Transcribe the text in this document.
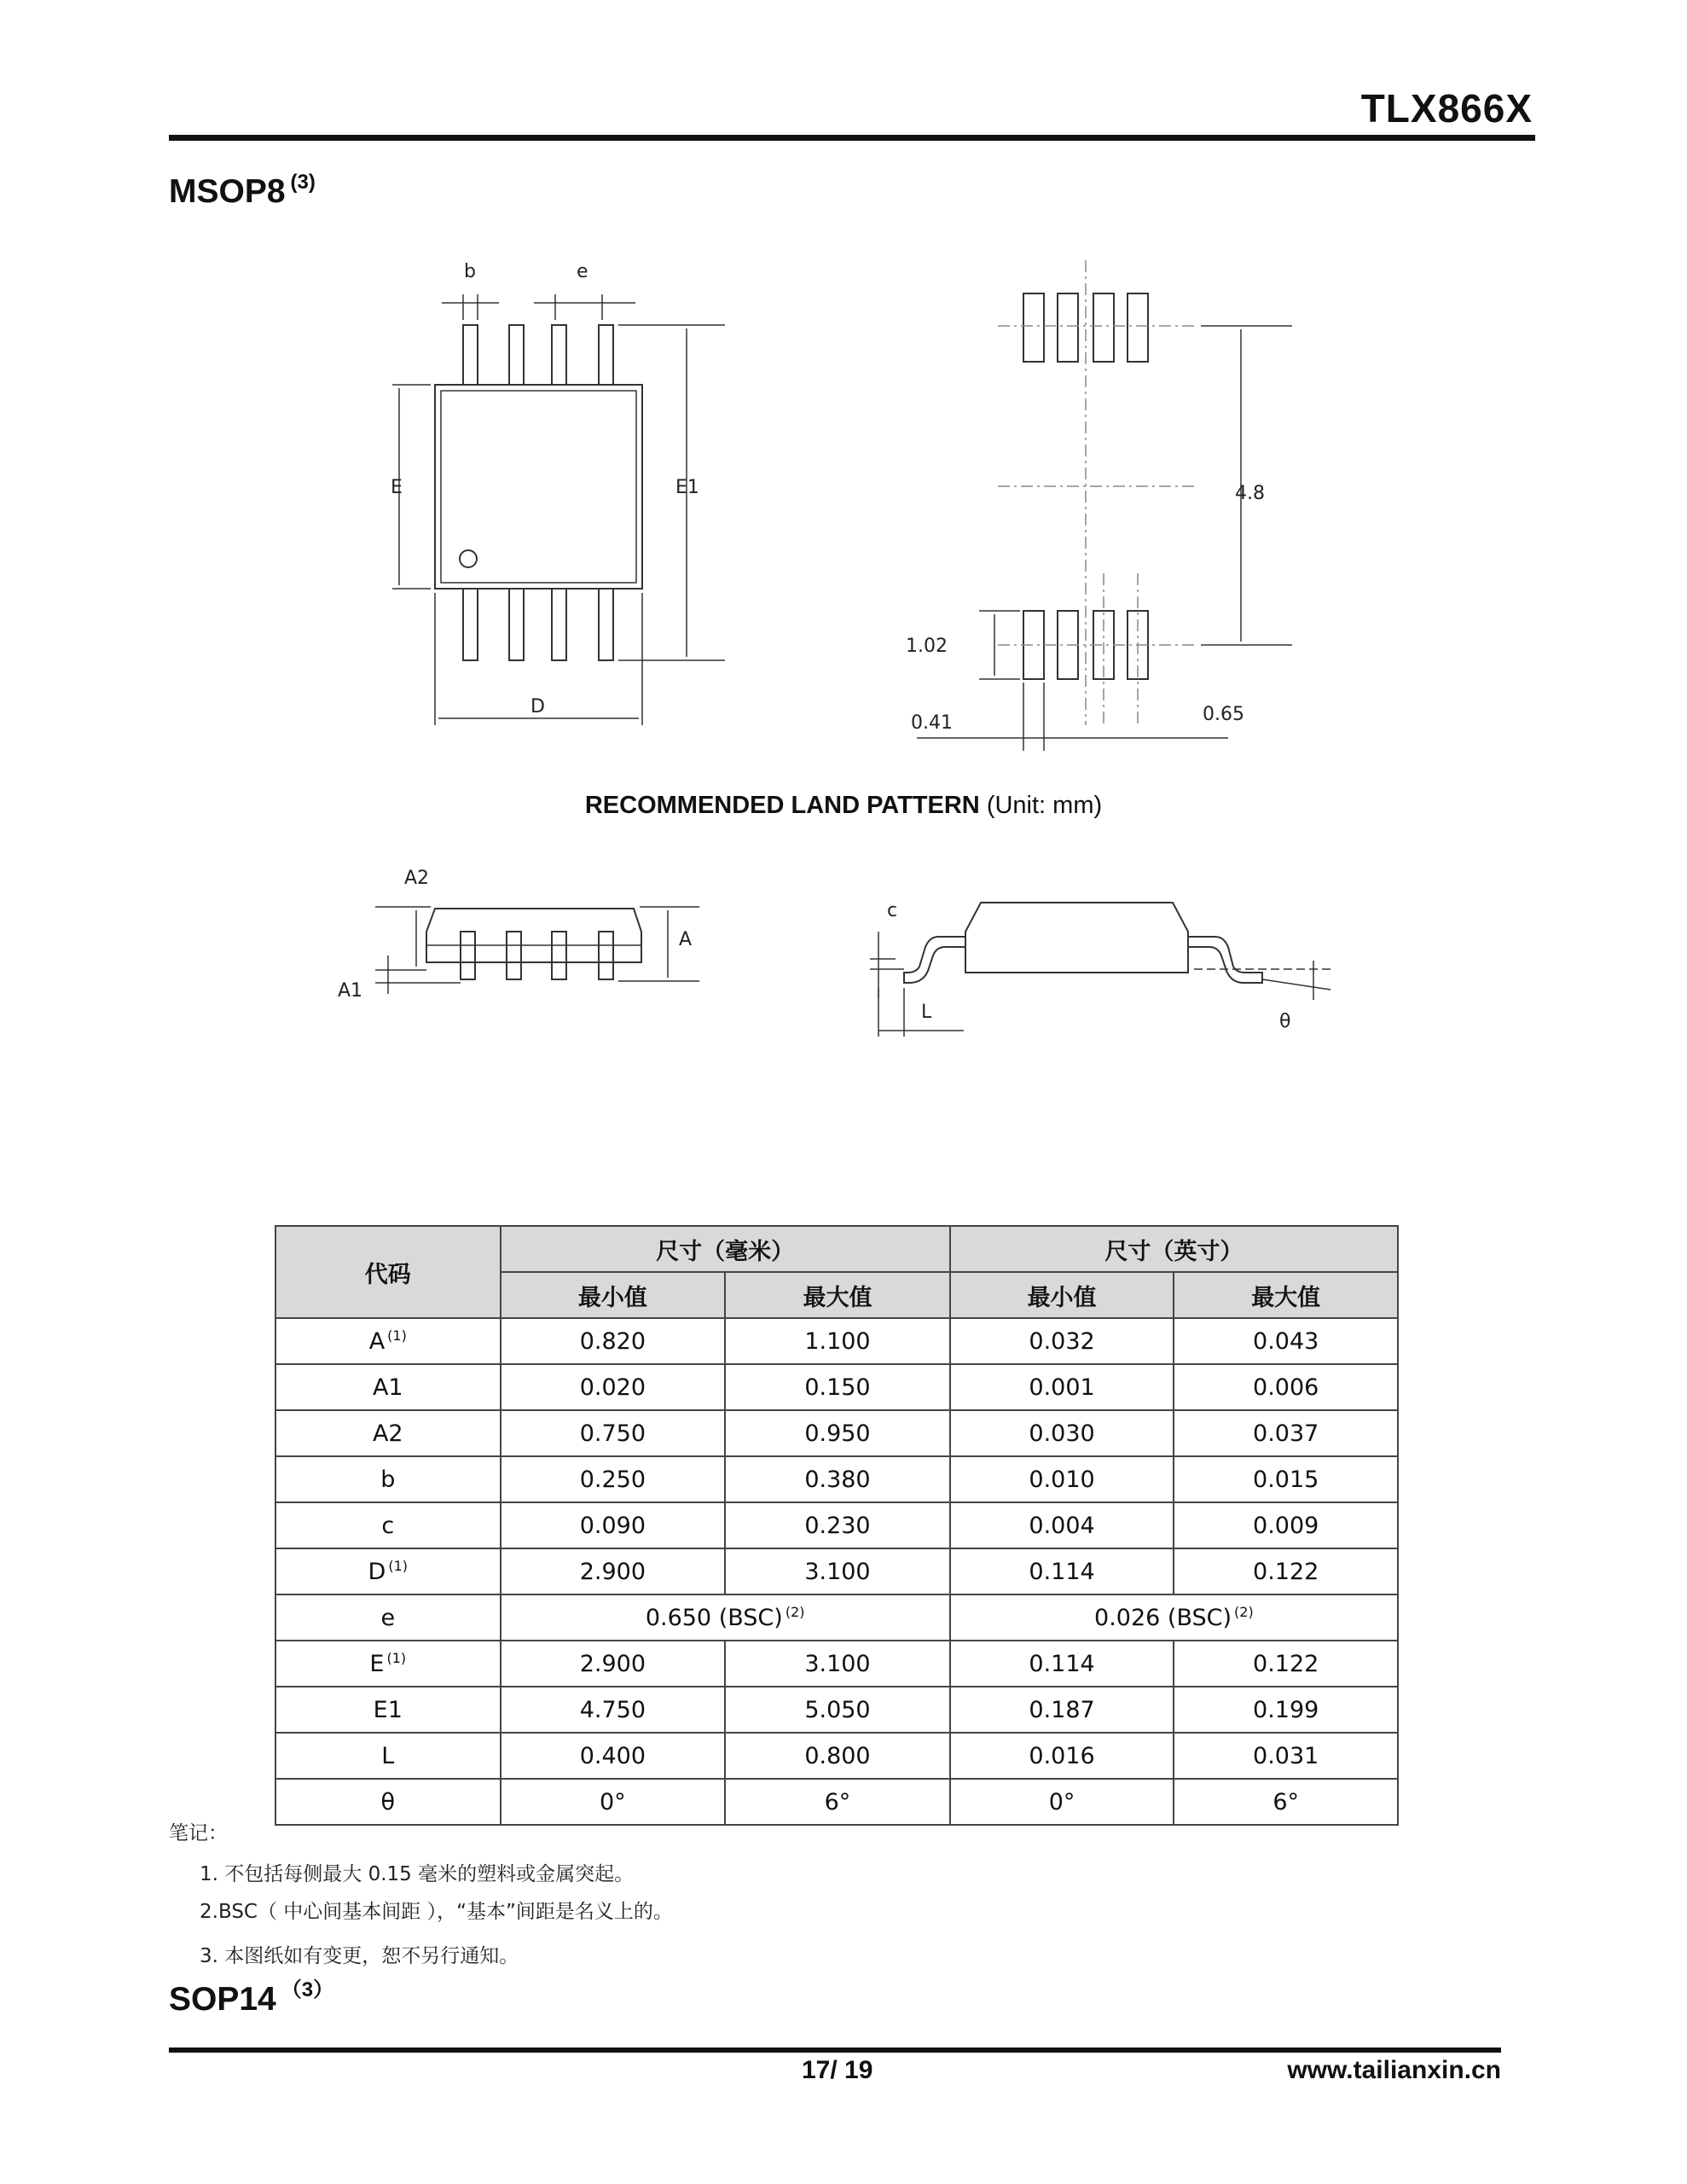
TLX866X
MSOP8 $^{(3)}$
b	e
E	E1
D
4.8
1.02
0.41	0.65
A2
A
A1
c
L	θ
RECOMMENDED LAND PATTERN (Unit: mm)
代码	尺寸（毫米）		尺寸（英寸）	
	最小值	最大值	最小值	最大值
A $^{(1)}$	0.820	1.100	0.032	0.043
A1	0.020	0.150	0.001	0.006
A2	0.750	0.950	0.030	0.037
b	0.250	0.380	0.010	0.015
c	0.090	0.230	0.004	0.009
D $^{(1)}$	2.900	3.100	0.114	0.122
e	0.650 (BSC) $^{(2)}$		0.026 (BSC) $^{(2)}$
E $^{(1)}$	2.900	3.100	0.114	0.122
E1	4.750	5.050	0.187	0.199
L	0.400	0.800	0.016	0.031
θ	0°	6°	0°	6°
笔记：
1. 不包括每侧最大 0.15 毫米的塑料或金属突起。
2.BSC（ 中心间基本间距 ），“基本”间距是名义上的。
3. 本图纸如有变更，恕不另行通知。
SOP14 $^{(3)}$
17/ 19	www.tailianxin.cn
